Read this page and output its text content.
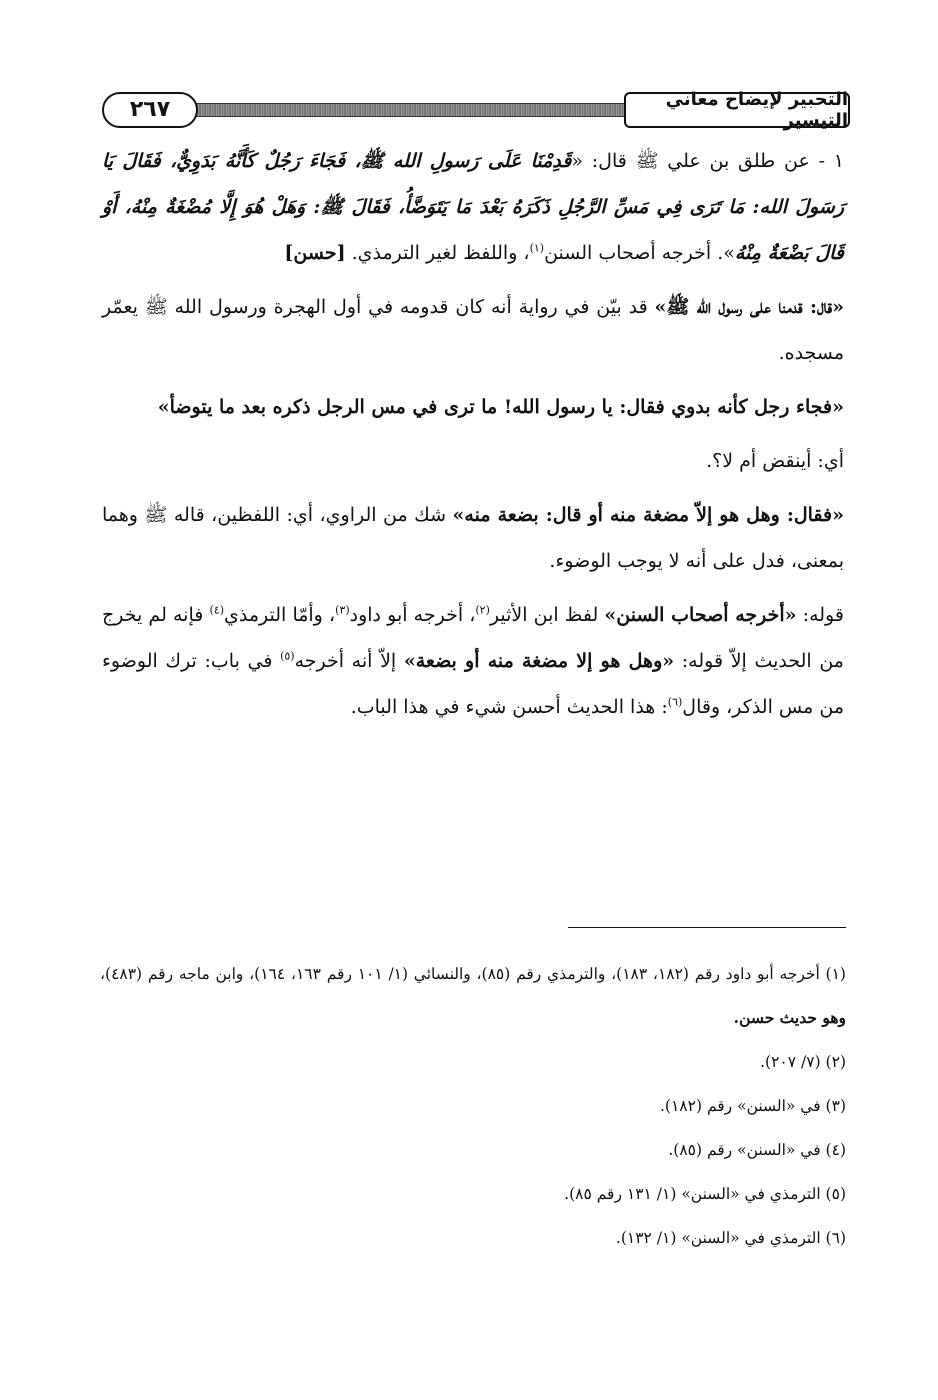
٢٦٧	التحبير لإيضاح معاني التيسير

١ - عن طلق بن علي ﷺ قال: «قَدِمْنَا عَلَى رَسولِ الله ﷺ، فَجَاءَ رَجُلٌ كَأَنَّهُ بَدَوِيٌّ، فَقَالَ يَا رَسَولَ الله: مَا تَرَى فِي مَسِّ الرَّجُلِ ذَكَرَهُ بَعْدَ مَا يَتَوَضَّأُ، فَقَالَ ﷺ: وَهَلْ هُوَ إِلَّا مُضْغَةٌ مِنْهُ، أَوْ قَالَ بَضْعَةٌ مِنْهُ». أخرجه أصحاب السنن$^{(١)}$، واللفظ لغير الترمذي. [حسن]

«قال: قدمنا على رسول الله ﷺ» قد بيّن في رواية أنه كان قدومه في أول الهجرة ورسول الله ﷺ يعمّر مسجده.

«فجاء رجل كأنه بدوي فقال: يا رسول الله! ما ترى في مس الرجل ذكره بعد ما يتوضأ»

أي: أينقض أم لا؟.

«فقال: وهل هو إلاّ مضغة منه أو قال: بضعة منه» شك من الراوي، أي: اللفظين، قاله ﷺ وهما بمعنى، فدل على أنه لا يوجب الوضوء.

قوله: «أخرجه أصحاب السنن» لفظ ابن الأثير$^{(٢)}$، أخرجه أبو داود$^{(٣)}$، وأمّا الترمذي$^{(٤)}$ فإنه لم يخرج من الحديث إلاّ قوله: «وهل هو إلا مضغة منه أو بضعة» إلاّ أنه أخرجه$^{(٥)}$ في باب: ترك الوضوء من مس الذكر، وقال$^{(٦)}$: هذا الحديث أحسن شيء في هذا الباب.

(١) أخرجه أبو داود رقم (١٨٢، ١٨٣)، والترمذي رقم (٨٥)، والنسائي (١/ ١٠١ رقم ١٦٣، ١٦٤)، وابن ماجه رقم (٤٨٣)، وهو حديث حسن.
(٢) (٧/ ٢٠٧).
(٣) في «السنن» رقم (١٨٢).
(٤) في «السنن» رقم (٨٥).
(٥) الترمذي في «السنن» (١/ ١٣١ رقم ٨٥).
(٦) الترمذي في «السنن» (١/ ١٣٢).
